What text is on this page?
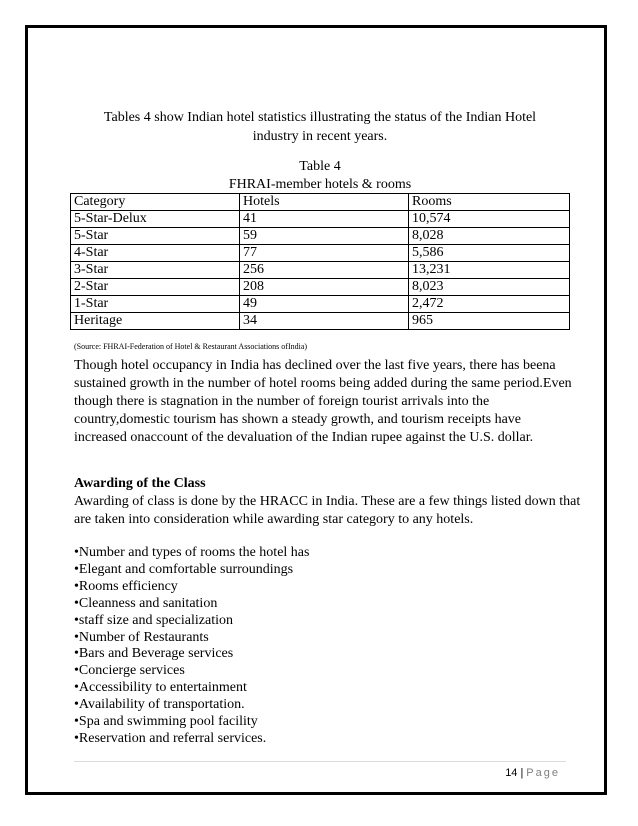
Tables 4 show Indian hotel statistics illustrating the status of the Indian Hotel industry in recent years.
Table 4
FHRAI-member hotels & rooms
Category	Hotels	Rooms
5-Star-Delux	41	10,574
5-Star	59	8,028
4-Star	77	5,586
3-Star	256	13,231
2-Star	208	8,023
1-Star	49	2,472
Heritage	34	965
(Source: FHRAI-Federation of Hotel & Restaurant Associations ofIndia)
Though hotel occupancy in India has declined over the last five years, there has beena sustained growth in the number of hotel rooms being added during the same period.Even though there is stagnation in the number of foreign tourist arrivals into the country,domestic tourism has shown a steady growth, and tourism receipts have increased onaccount of the devaluation of the Indian rupee against the U.S. dollar.
Awarding of the Class
Awarding of class is done by the HRACC in India. These are a few things listed down that are taken into consideration while awarding star category to any hotels.
•Number and types of rooms the hotel has
•Elegant and comfortable surroundings
•Rooms efficiency
•Cleanness and sanitation
•staff size and specialization
•Number of Restaurants
•Bars and Beverage services
•Concierge services
•Accessibility to entertainment
•Availability of transportation.
•Spa and swimming pool facility
•Reservation and referral services.
14 | Page
